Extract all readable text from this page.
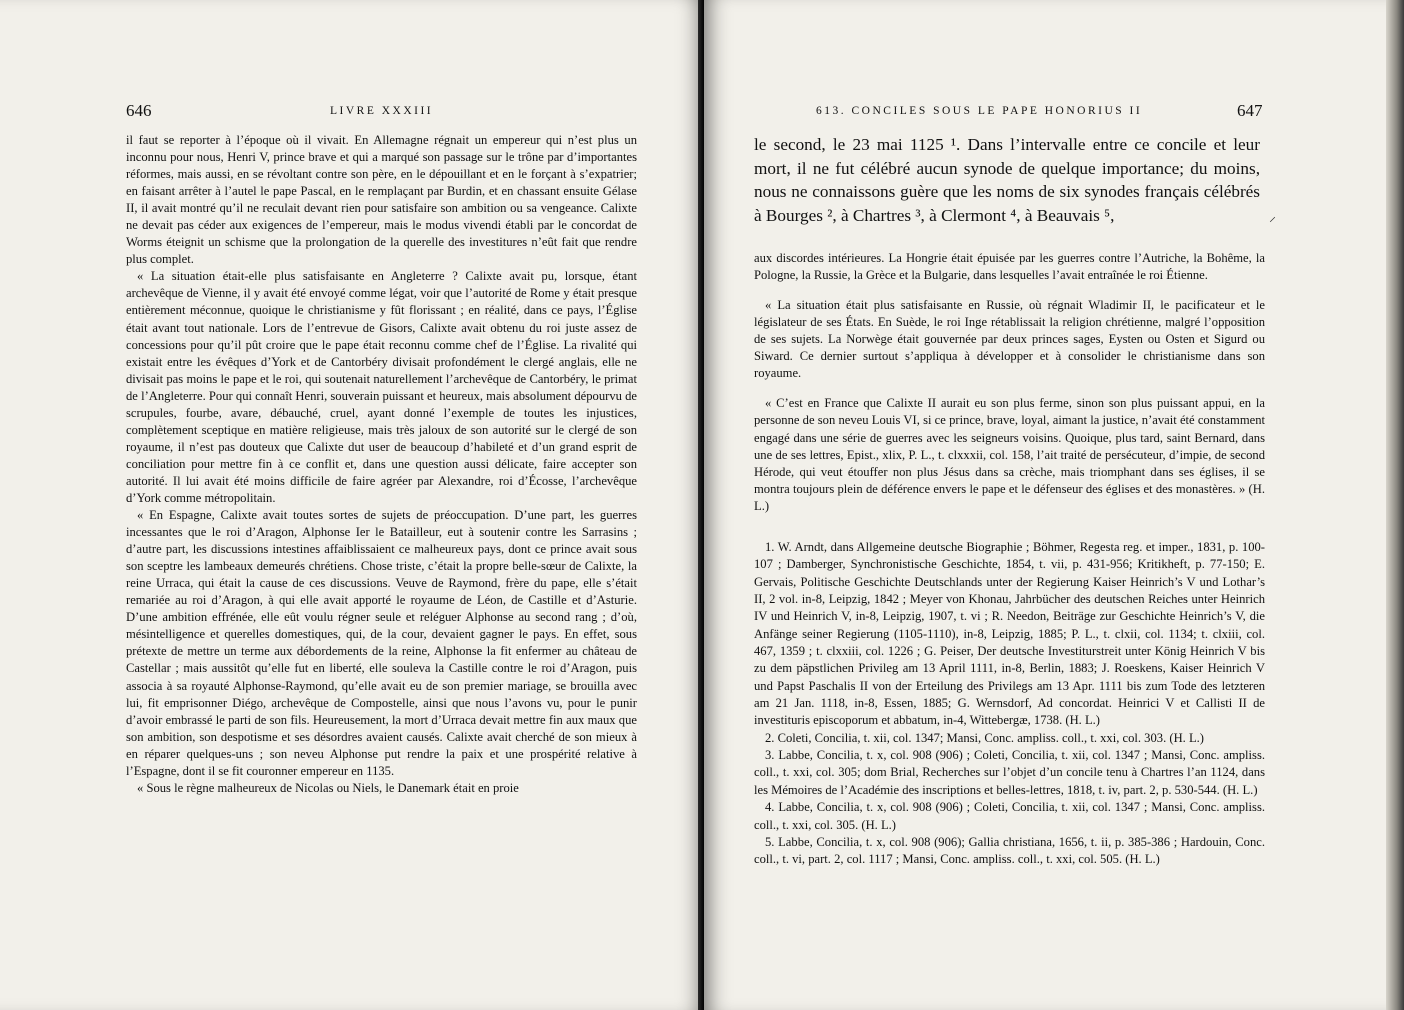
646	LIVRE XXXIII

il faut se reporter à l’époque où il vivait. En Allemagne régnait un empereur qui n’est plus un inconnu pour nous, Henri V, prince brave et qui a marqué son passage sur le trône par d’importantes réformes, mais aussi, en se révoltant contre son père, en le dépouillant et en le forçant à s’expatrier; en faisant arrêter à l’autel le pape Pascal, en le remplaçant par Burdin, et en chassant ensuite Gélase II, il avait montré qu’il ne reculait devant rien pour satisfaire son ambition ou sa vengeance. Calixte ne devait pas céder aux exigences de l’empereur, mais le modus vivendi établi par le concordat de Worms éteignit un schisme que la prolongation de la querelle des investitures n’eût fait que rendre plus complet.

« La situation était-elle plus satisfaisante en Angleterre ? Calixte avait pu, lorsque, étant archevêque de Vienne, il y avait été envoyé comme légat, voir que l’autorité de Rome y était presque entièrement méconnue, quoique le christianisme y fût florissant ; en réalité, dans ce pays, l’Église était avant tout nationale. Lors de l’entrevue de Gisors, Calixte avait obtenu du roi juste assez de concessions pour qu’il pût croire que le pape était reconnu comme chef de l’Église. La rivalité qui existait entre les évêques d’York et de Cantorbéry divisait profondément le clergé anglais, elle ne divisait pas moins le pape et le roi, qui soutenait naturellement l’archevêque de Cantorbéry, le primat de l’Angleterre. Pour qui connaît Henri, souverain puissant et heureux, mais absolument dépourvu de scrupules, fourbe, avare, débauché, cruel, ayant donné l’exemple de toutes les injustices, complètement sceptique en matière religieuse, mais très jaloux de son autorité sur le clergé de son royaume, il n’est pas douteux que Calixte dut user de beaucoup d’habileté et d’un grand esprit de conciliation pour mettre fin à ce conflit et, dans une question aussi délicate, faire accepter son autorité. Il lui avait été moins difficile de faire agréer par Alexandre, roi d’Écosse, l’archevêque d’York comme métropolitain.

« En Espagne, Calixte avait toutes sortes de sujets de préoccupation. D’une part, les guerres incessantes que le roi d’Aragon, Alphonse Ier le Batailleur, eut à soutenir contre les Sarrasins ; d’autre part, les discussions intestines affaiblissaient ce malheureux pays, dont ce prince avait sous son sceptre les lambeaux demeurés chrétiens. Chose triste, c’était la propre belle-sœur de Calixte, la reine Urraca, qui était la cause de ces discussions. Veuve de Raymond, frère du pape, elle s’était remariée au roi d’Aragon, à qui elle avait apporté le royaume de Léon, de Castille et d’Asturie. D’une ambition effrénée, elle eût voulu régner seule et reléguer Alphonse au second rang ; d’où, mésintelligence et querelles domestiques, qui, de la cour, devaient gagner le pays. En effet, sous prétexte de mettre un terme aux débordements de la reine, Alphonse la fit enfermer au château de Castellar ; mais aussitôt qu’elle fut en liberté, elle souleva la Castille contre le roi d’Aragon, puis associa à sa royauté Alphonse-Raymond, qu’elle avait eu de son premier mariage, se brouilla avec lui, fit emprisonner Diégo, archevêque de Compostelle, ainsi que nous l’avons vu, pour le punir d’avoir embrassé le parti de son fils. Heureusement, la mort d’Urraca devait mettre fin aux maux que son ambition, son despotisme et ses désordres avaient causés. Calixte avait cherché de son mieux à en réparer quelques-uns ; son neveu Alphonse put rendre la paix et une prospérité relative à l’Espagne, dont il se fit couronner empereur en 1135.

« Sous le règne malheureux de Nicolas ou Niels, le Danemark était en proie

613. CONCILES SOUS LE PAPE HONORIUS II	647
le second, le 23 mai 1125 ¹. Dans l’intervalle entre ce concile et leur mort, il ne fut célébré aucun synode de quelque importance; du moins, nous ne connaissons guère que les noms de six synodes français célébrés à Bourges ², à Chartres ³, à Clermont ⁴, à Beauvais ⁵,	⸝

aux discordes intérieures. La Hongrie était épuisée par les guerres contre l’Autriche, la Bohême, la Pologne, la Russie, la Grèce et la Bulgarie, dans lesquelles l’avait entraînée le roi Étienne.

« La situation était plus satisfaisante en Russie, où régnait Wladimir II, le pacificateur et le législateur de ses États. En Suède, le roi Inge rétablissait la religion chrétienne, malgré l’opposition de ses sujets. La Norwège était gouvernée par deux princes sages, Eysten ou Osten et Sigurd ou Siward. Ce dernier surtout s’appliqua à développer et à consolider le christianisme dans son royaume.

« C’est en France que Calixte II aurait eu son plus ferme, sinon son plus puissant appui, en la personne de son neveu Louis VI, si ce prince, brave, loyal, aimant la justice, n’avait été constamment engagé dans une série de guerres avec les seigneurs voisins. Quoique, plus tard, saint Bernard, dans une de ses lettres, Epist., xlix, P. L., t. clxxxii, col. 158, l’ait traité de persécuteur, d’impie, de second Hérode, qui veut étouffer non plus Jésus dans sa crèche, mais triomphant dans ses églises, il se montra toujours plein de déférence envers le pape et le défenseur des églises et des monastères. » (H. L.)

1. W. Arndt, dans Allgemeine deutsche Biographie ; Böhmer, Regesta reg. et imper., 1831, p. 100-107 ; Damberger, Synchronistische Geschichte, 1854, t. vii, p. 431-956; Kritikheft, p. 77-150; E. Gervais, Politische Geschichte Deutschlands unter der Regierung Kaiser Heinrich’s V und Lothar’s II, 2 vol. in-8, Leipzig, 1842 ; Meyer von Khonau, Jahrbücher des deutschen Reiches unter Heinrich IV und Heinrich V, in-8, Leipzig, 1907, t. vi ; R. Needon, Beiträge zur Geschichte Heinrich’s V, die Anfänge seiner Regierung (1105-1110), in-8, Leipzig, 1885; P. L., t. clxii, col. 1134; t. clxiii, col. 467, 1359 ; t. clxxiii, col. 1226 ; G. Peiser, Der deutsche Investiturstreit unter König Heinrich V bis zu dem päpstlichen Privileg am 13 April 1111, in-8, Berlin, 1883; J. Roeskens, Kaiser Heinrich V und Papst Paschalis II von der Erteilung des Privilegs am 13 Apr. 1111 bis zum Tode des letzteren am 21 Jan. 1118, in-8, Essen, 1885; G. Wernsdorf, Ad concordat. Heinrici V et Callisti II de investituris episcoporum et abbatum, in-4, Wittebergæ, 1738. (H. L.)

2. Coleti, Concilia, t. xii, col. 1347; Mansi, Conc. ampliss. coll., t. xxi, col. 303. (H. L.)

3. Labbe, Concilia, t. x, col. 908 (906) ; Coleti, Concilia, t. xii, col. 1347 ; Mansi, Conc. ampliss. coll., t. xxi, col. 305; dom Brial, Recherches sur l’objet d’un concile tenu à Chartres l’an 1124, dans les Mémoires de l’Académie des inscriptions et belles-lettres, 1818, t. iv, part. 2, p. 530-544. (H. L.)

4. Labbe, Concilia, t. x, col. 908 (906) ; Coleti, Concilia, t. xii, col. 1347 ; Mansi, Conc. ampliss. coll., t. xxi, col. 305. (H. L.)

5. Labbe, Concilia, t. x, col. 908 (906); Gallia christiana, 1656, t. ii, p. 385-386 ; Hardouin, Conc. coll., t. vi, part. 2, col. 1117 ; Mansi, Conc. ampliss. coll., t. xxi, col. 505. (H. L.)
